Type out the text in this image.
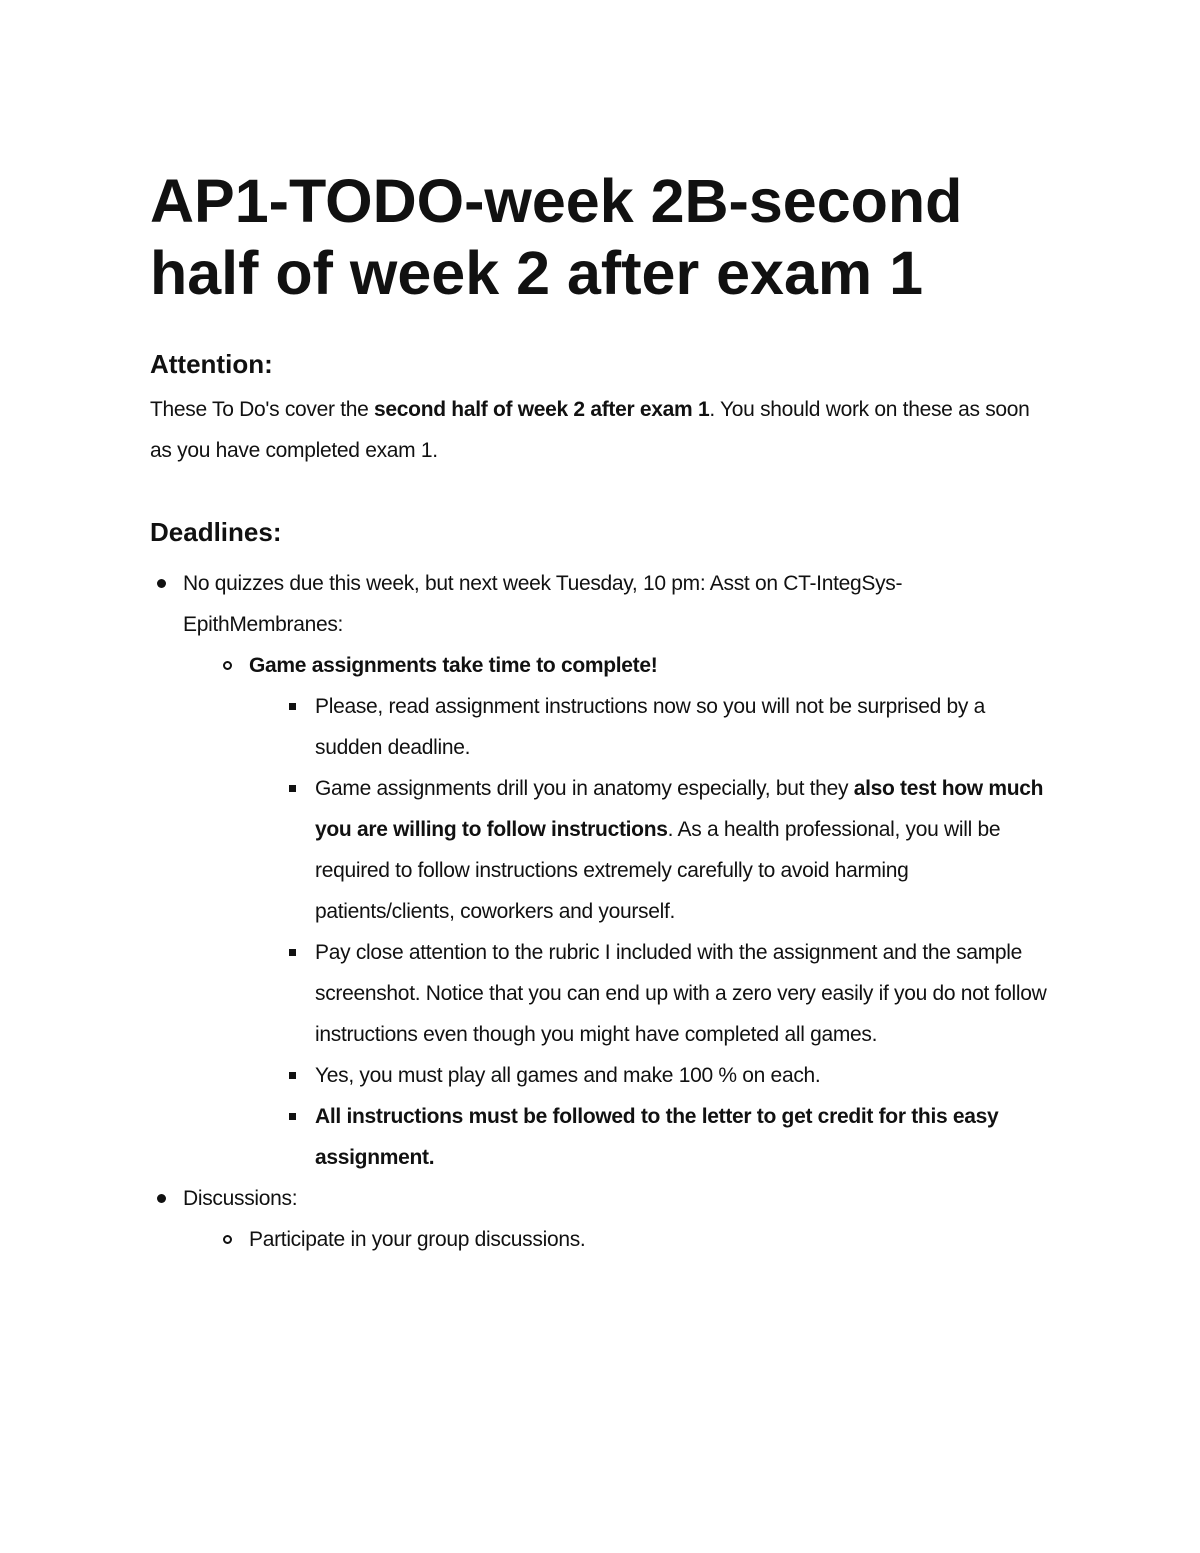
AP1-TODO-week 2B-second half of week 2 after exam 1
Attention:

These To Do's cover the second half of week 2 after exam 1. You should work on these as soon as you have completed exam 1.

Deadlines:
No quizzes due this week, but next week Tuesday, 10 pm: Asst on CT-IntegSys-EpithMembranes:
Game assignments take time to complete!
Please, read assignment instructions now so you will not be surprised by a sudden deadline.
Game assignments drill you in anatomy especially, but they also test how much you are willing to follow instructions. As a health professional, you will be required to follow instructions extremely carefully to avoid harming patients/clients, coworkers and yourself.
Pay close attention to the rubric I included with the assignment and the sample screenshot. Notice that you can end up with a zero very easily if you do not follow instructions even though you might have completed all games.
Yes, you must play all games and make 100 % on each.
All instructions must be followed to the letter to get credit for this easy assignment.
Discussions:
Participate in your group discussions.
